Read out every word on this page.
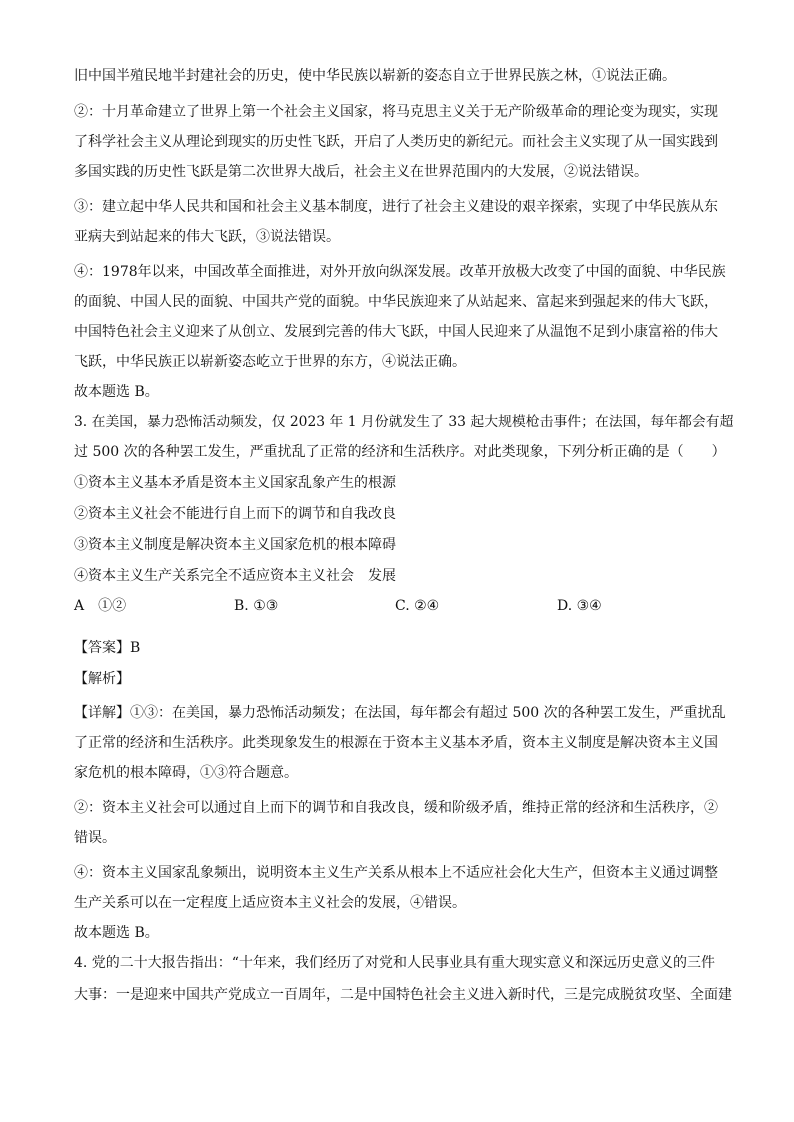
旧中国半殖民地半封建社会的历史，使中华民族以崭新的姿态自立于世界民族之林，①说法正确。
②：十月革命建立了世界上第一个社会主义国家，将马克思主义关于无产阶级革命的理论变为现实，实现
了科学社会主义从理论到现实的历史性飞跃，开启了人类历史的新纪元。而社会主义实现了从一国实践到
多国实践的历史性飞跃是第二次世界大战后，社会主义在世界范围内的大发展，②说法错误。
③：建立起中华人民共和国和社会主义基本制度，进行了社会主义建设的艰辛探索，实现了中华民族从东
亚病夫到站起来的伟大飞跃，③说法错误。
④：1978年以来，中国改革全面推进，对外开放向纵深发展。改革开放极大改变了中国的面貌、中华民族
的面貌、中国人民的面貌、中国共产党的面貌。中华民族迎来了从站起来、富起来到强起来的伟大飞跃，
中国特色社会主义迎来了从创立、发展到完善的伟大飞跃，中国人民迎来了从温饱不足到小康富裕的伟大
飞跃，中华民族正以崭新姿态屹立于世界的东方，④说法正确。
故本题选 B。
3. 在美国，暴力恐怖活动频发，仅 2023 年 1 月份就发生了 33 起大规模枪击事件；在法国，每年都会有超
过 500 次的各种罢工发生，严重扰乱了正常的经济和生活秩序。对此类现象，下列分析正确的是（　　）
①资本主义基本矛盾是资本主义国家乱象产生的根源
②资本主义社会不能进行自上而下的调节和自我改良
③资本主义制度是解决资本主义国家危机的根本障碍
④资本主义生产关系完全不适应资本主义社会　发展
A　①②	B. ①③	C. ②④	D. ③④
【答案】B
【解析】
【详解】①③：在美国，暴力恐怖活动频发；在法国，每年都会有超过 500 次的各种罢工发生，严重扰乱
了正常的经济和生活秩序。此类现象发生的根源在于资本主义基本矛盾，资本主义制度是解决资本主义国
家危机的根本障碍，①③符合题意。
②：资本主义社会可以通过自上而下的调节和自我改良，缓和阶级矛盾，维持正常的经济和生活秩序，②
错误。
④：资本主义国家乱象频出，说明资本主义生产关系从根本上不适应社会化大生产，但资本主义通过调整
生产关系可以在一定程度上适应资本主义社会的发展，④错误。
故本题选 B。
4. 党的二十大报告指出：“十年来，我们经历了对党和人民事业具有重大现实意义和深远历史意义的三件
大事：一是迎来中国共产党成立一百周年，二是中国特色社会主义进入新时代，三是完成脱贫攻坚、全面建
